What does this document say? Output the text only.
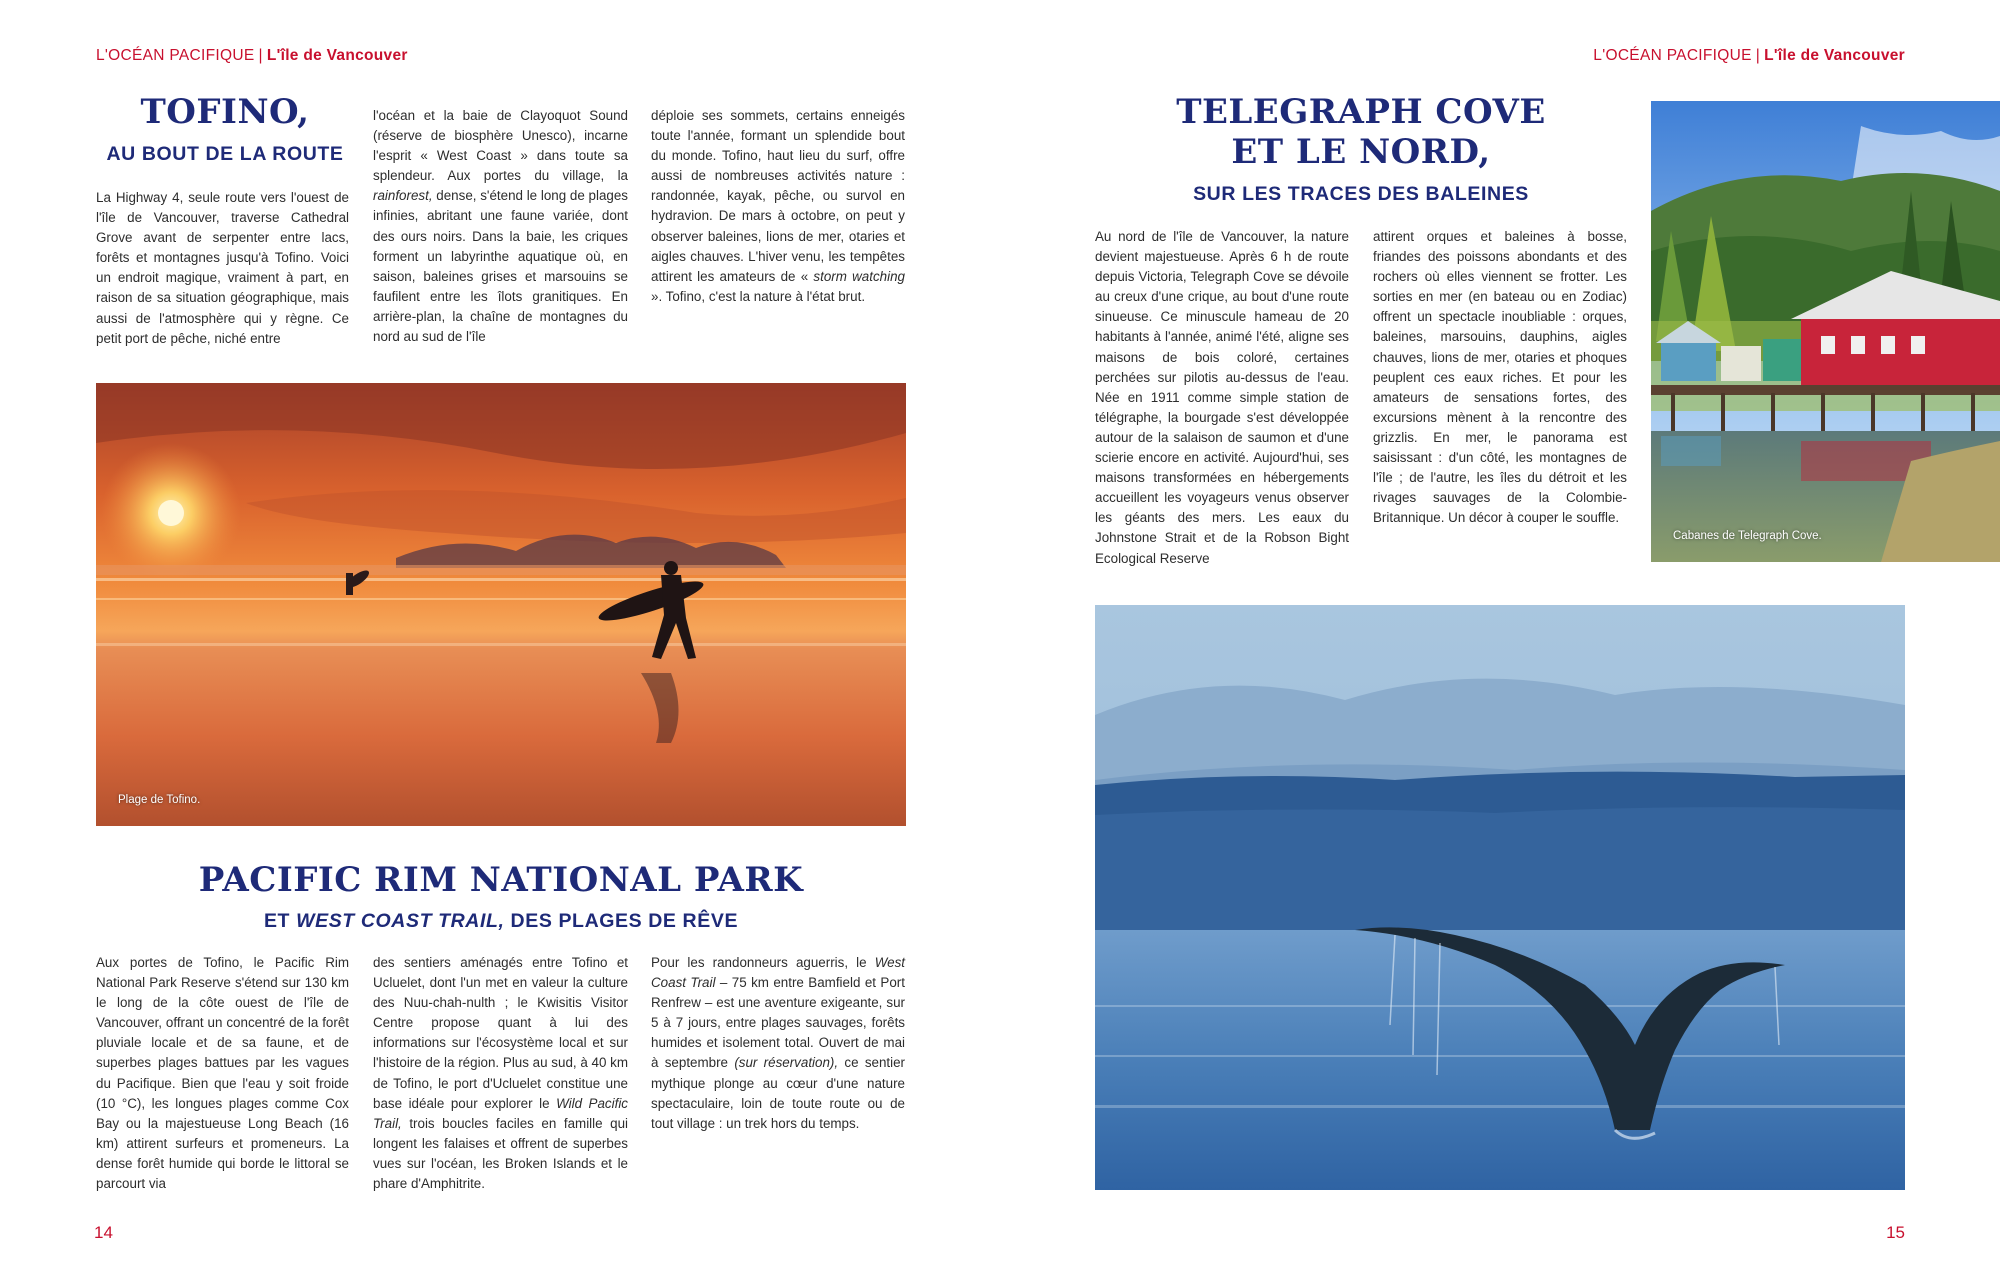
L'OCÉAN PACIFIQUE | L'île de Vancouver	L'OCÉAN PACIFIQUE | L'île de Vancouver
TOFINO,
AU BOUT DE LA ROUTE
La Highway 4, seule route vers l'ouest de l'île de Vancouver, traverse Cathedral Grove avant de serpenter entre lacs, forêts et montagnes jusqu'à Tofino. Voici un endroit magique, vraiment à part, en raison de sa situation géographique, mais aussi de l'atmosphère qui y règne. Ce petit port de pêche, niché entre
l'océan et la baie de Clayoquot Sound (réserve de biosphère Unesco), incarne l'esprit « West Coast » dans toute sa splendeur. Aux portes du village, la rainforest, dense, s'étend le long de plages infinies, abritant une faune variée, dont des ours noirs. Dans la baie, les criques forment un labyrinthe aquatique où, en saison, baleines grises et marsouins se faufilent entre les îlots granitiques. En arrière-plan, la chaîne de montagnes du nord au sud de l'île
déploie ses sommets, certains enneigés toute l'année, formant un splendide bout du monde. Tofino, haut lieu du surf, offre aussi de nombreuses activités nature : randonnée, kayak, pêche, ou survol en hydravion. De mars à octobre, on peut y observer baleines, lions de mer, otaries et aigles chauves. L'hiver venu, les tempêtes attirent les amateurs de « storm watching ». Tofino, c'est la nature à l'état brut.
Plage de Tofino.
PACIFIC RIM NATIONAL PARK
ET WEST COAST TRAIL, DES PLAGES DE RÊVE
Aux portes de Tofino, le Pacific Rim National Park Reserve s'étend sur 130 km le long de la côte ouest de l'île de Vancouver, offrant un concentré de la forêt pluviale locale et de sa faune, et de superbes plages battues par les vagues du Pacifique. Bien que l'eau y soit froide (10 °C), les longues plages comme Cox Bay ou la majestueuse Long Beach (16 km) attirent surfeurs et promeneurs. La dense forêt humide qui borde le littoral se parcourt via
des sentiers aménagés entre Tofino et Ucluelet, dont l'un met en valeur la culture des Nuu-chah-nulth ; le Kwisitis Visitor Centre propose quant à lui des informations sur l'écosystème local et sur l'histoire de la région. Plus au sud, à 40 km de Tofino, le port d'Ucluelet constitue une base idéale pour explorer le Wild Pacific Trail, trois boucles faciles en famille qui longent les falaises et offrent de superbes vues sur l'océan, les Broken Islands et le phare d'Amphitrite.
Pour les randonneurs aguerris, le West Coast Trail – 75 km entre Bamfield et Port Renfrew – est une aventure exigeante, sur 5 à 7 jours, entre plages sauvages, forêts humides et isolement total. Ouvert de mai à septembre (sur réservation), ce sentier mythique plonge au cœur d'une nature spectaculaire, loin de toute route ou de tout village : un trek hors du temps.
14
TELEGRAPH COVE
ET LE NORD,
SUR LES TRACES DES BALEINES
Au nord de l'île de Vancouver, la nature devient majestueuse. Après 6 h de route depuis Victoria, Telegraph Cove se dévoile au creux d'une crique, au bout d'une route sinueuse. Ce minuscule hameau de 20 habitants à l'année, animé l'été, aligne ses maisons de bois coloré, certaines perchées sur pilotis au-dessus de l'eau. Née en 1911 comme simple station de télégraphe, la bourgade s'est développée autour de la salaison de saumon et d'une scierie encore en activité. Aujourd'hui, ses maisons transformées en hébergements accueillent les voyageurs venus observer les géants des mers. Les eaux du Johnstone Strait et de la Robson Bight Ecological Reserve
attirent orques et baleines à bosse, friandes des poissons abondants et des rochers où elles viennent se frotter. Les sorties en mer (en bateau ou en Zodiac) offrent un spectacle inoubliable : orques, baleines, marsouins, dauphins, aigles chauves, lions de mer, otaries et phoques peuplent ces eaux riches. Et pour les amateurs de sensations fortes, des excursions mènent à la rencontre des grizzlis. En mer, le panorama est saisissant : d'un côté, les montagnes de l'île ; de l'autre, les îles du détroit et les rivages sauvages de la Colombie-Britannique. Un décor à couper le souffle.
Cabanes de Telegraph Cove.
15
